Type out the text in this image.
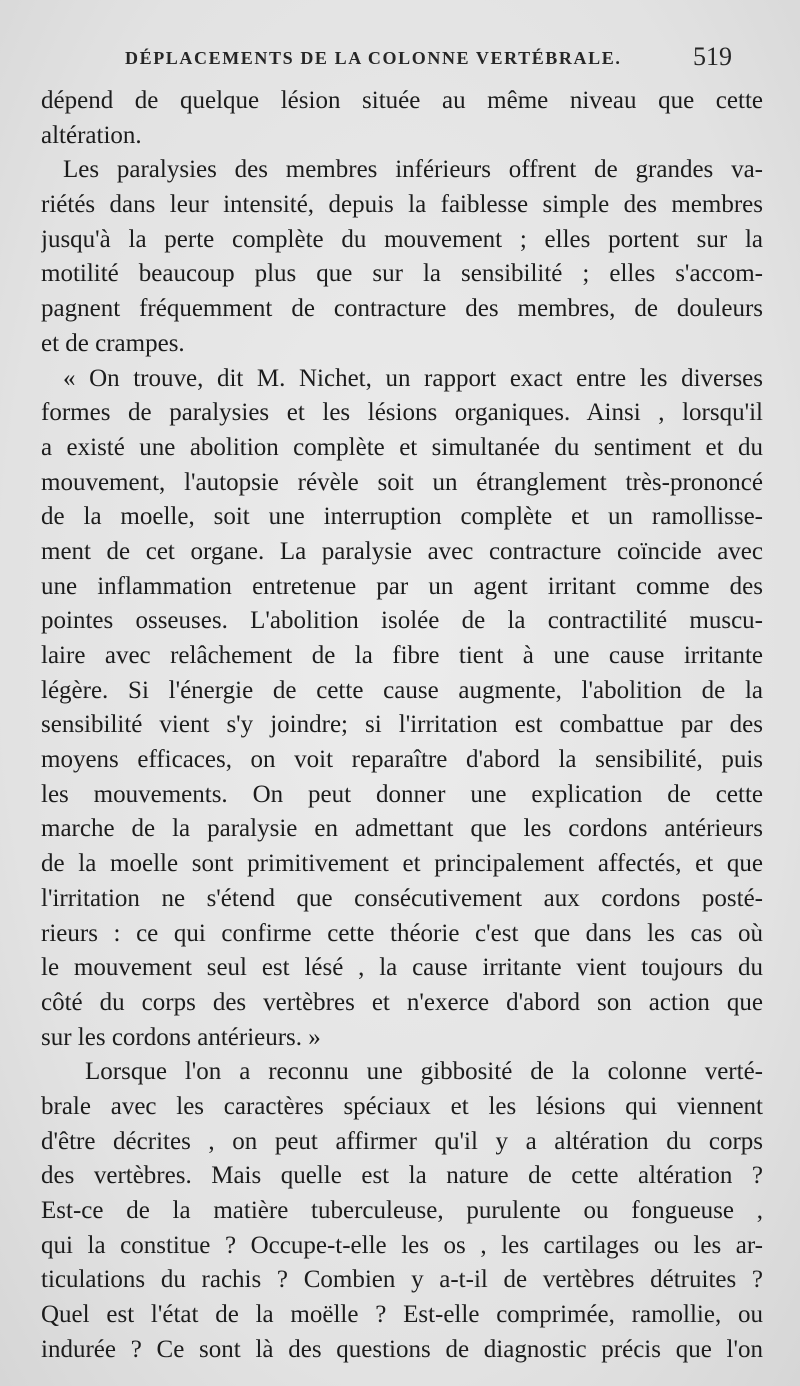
DÉPLACEMENTS DE LA COLONNE VERTÉBRALE.	519
dépend de quelque lésion située au même niveau que cette
altération.
Les paralysies des membres inférieurs offrent de grandes va-
riétés dans leur intensité, depuis la faiblesse simple des membres
jusqu'à la perte complète du mouvement ; elles portent sur la
motilité beaucoup plus que sur la sensibilité ; elles s'accom-
pagnent fréquemment de contracture des membres, de douleurs
et de crampes.
« On trouve, dit M. Nichet, un rapport exact entre les diverses
formes de paralysies et les lésions organiques. Ainsi , lorsqu'il
a existé une abolition complète et simultanée du sentiment et du
mouvement, l'autopsie révèle soit un étranglement très-prononcé
de la moelle, soit une interruption complète et un ramollisse-
ment de cet organe. La paralysie avec contracture coïncide avec
une inflammation entretenue par un agent irritant comme des
pointes osseuses. L'abolition isolée de la contractilité muscu-
laire avec relâchement de la fibre tient à une cause irritante
légère. Si l'énergie de cette cause augmente, l'abolition de la
sensibilité vient s'y joindre; si l'irritation est combattue par des
moyens efficaces, on voit reparaître d'abord la sensibilité, puis
les mouvements. On peut donner une explication de cette
marche de la paralysie en admettant que les cordons antérieurs
de la moelle sont primitivement et principalement affectés, et que
l'irritation ne s'étend que consécutivement aux cordons posté-
rieurs : ce qui confirme cette théorie c'est que dans les cas où
le mouvement seul est lésé , la cause irritante vient toujours du
côté du corps des vertèbres et n'exerce d'abord son action que
sur les cordons antérieurs. »
Lorsque l'on a reconnu une gibbosité de la colonne verté-
brale avec les caractères spéciaux et les lésions qui viennent
d'être décrites , on peut affirmer qu'il y a altération du corps
des vertèbres. Mais quelle est la nature de cette altération ?
Est-ce de la matière tuberculeuse, purulente ou fongueuse ,
qui la constitue ? Occupe-t-elle les os , les cartilages ou les ar-
ticulations du rachis ? Combien y a-t-il de vertèbres détruites ?
Quel est l'état de la moëlle ? Est-elle comprimée, ramollie, ou
indurée ? Ce sont là des questions de diagnostic précis que l'on
